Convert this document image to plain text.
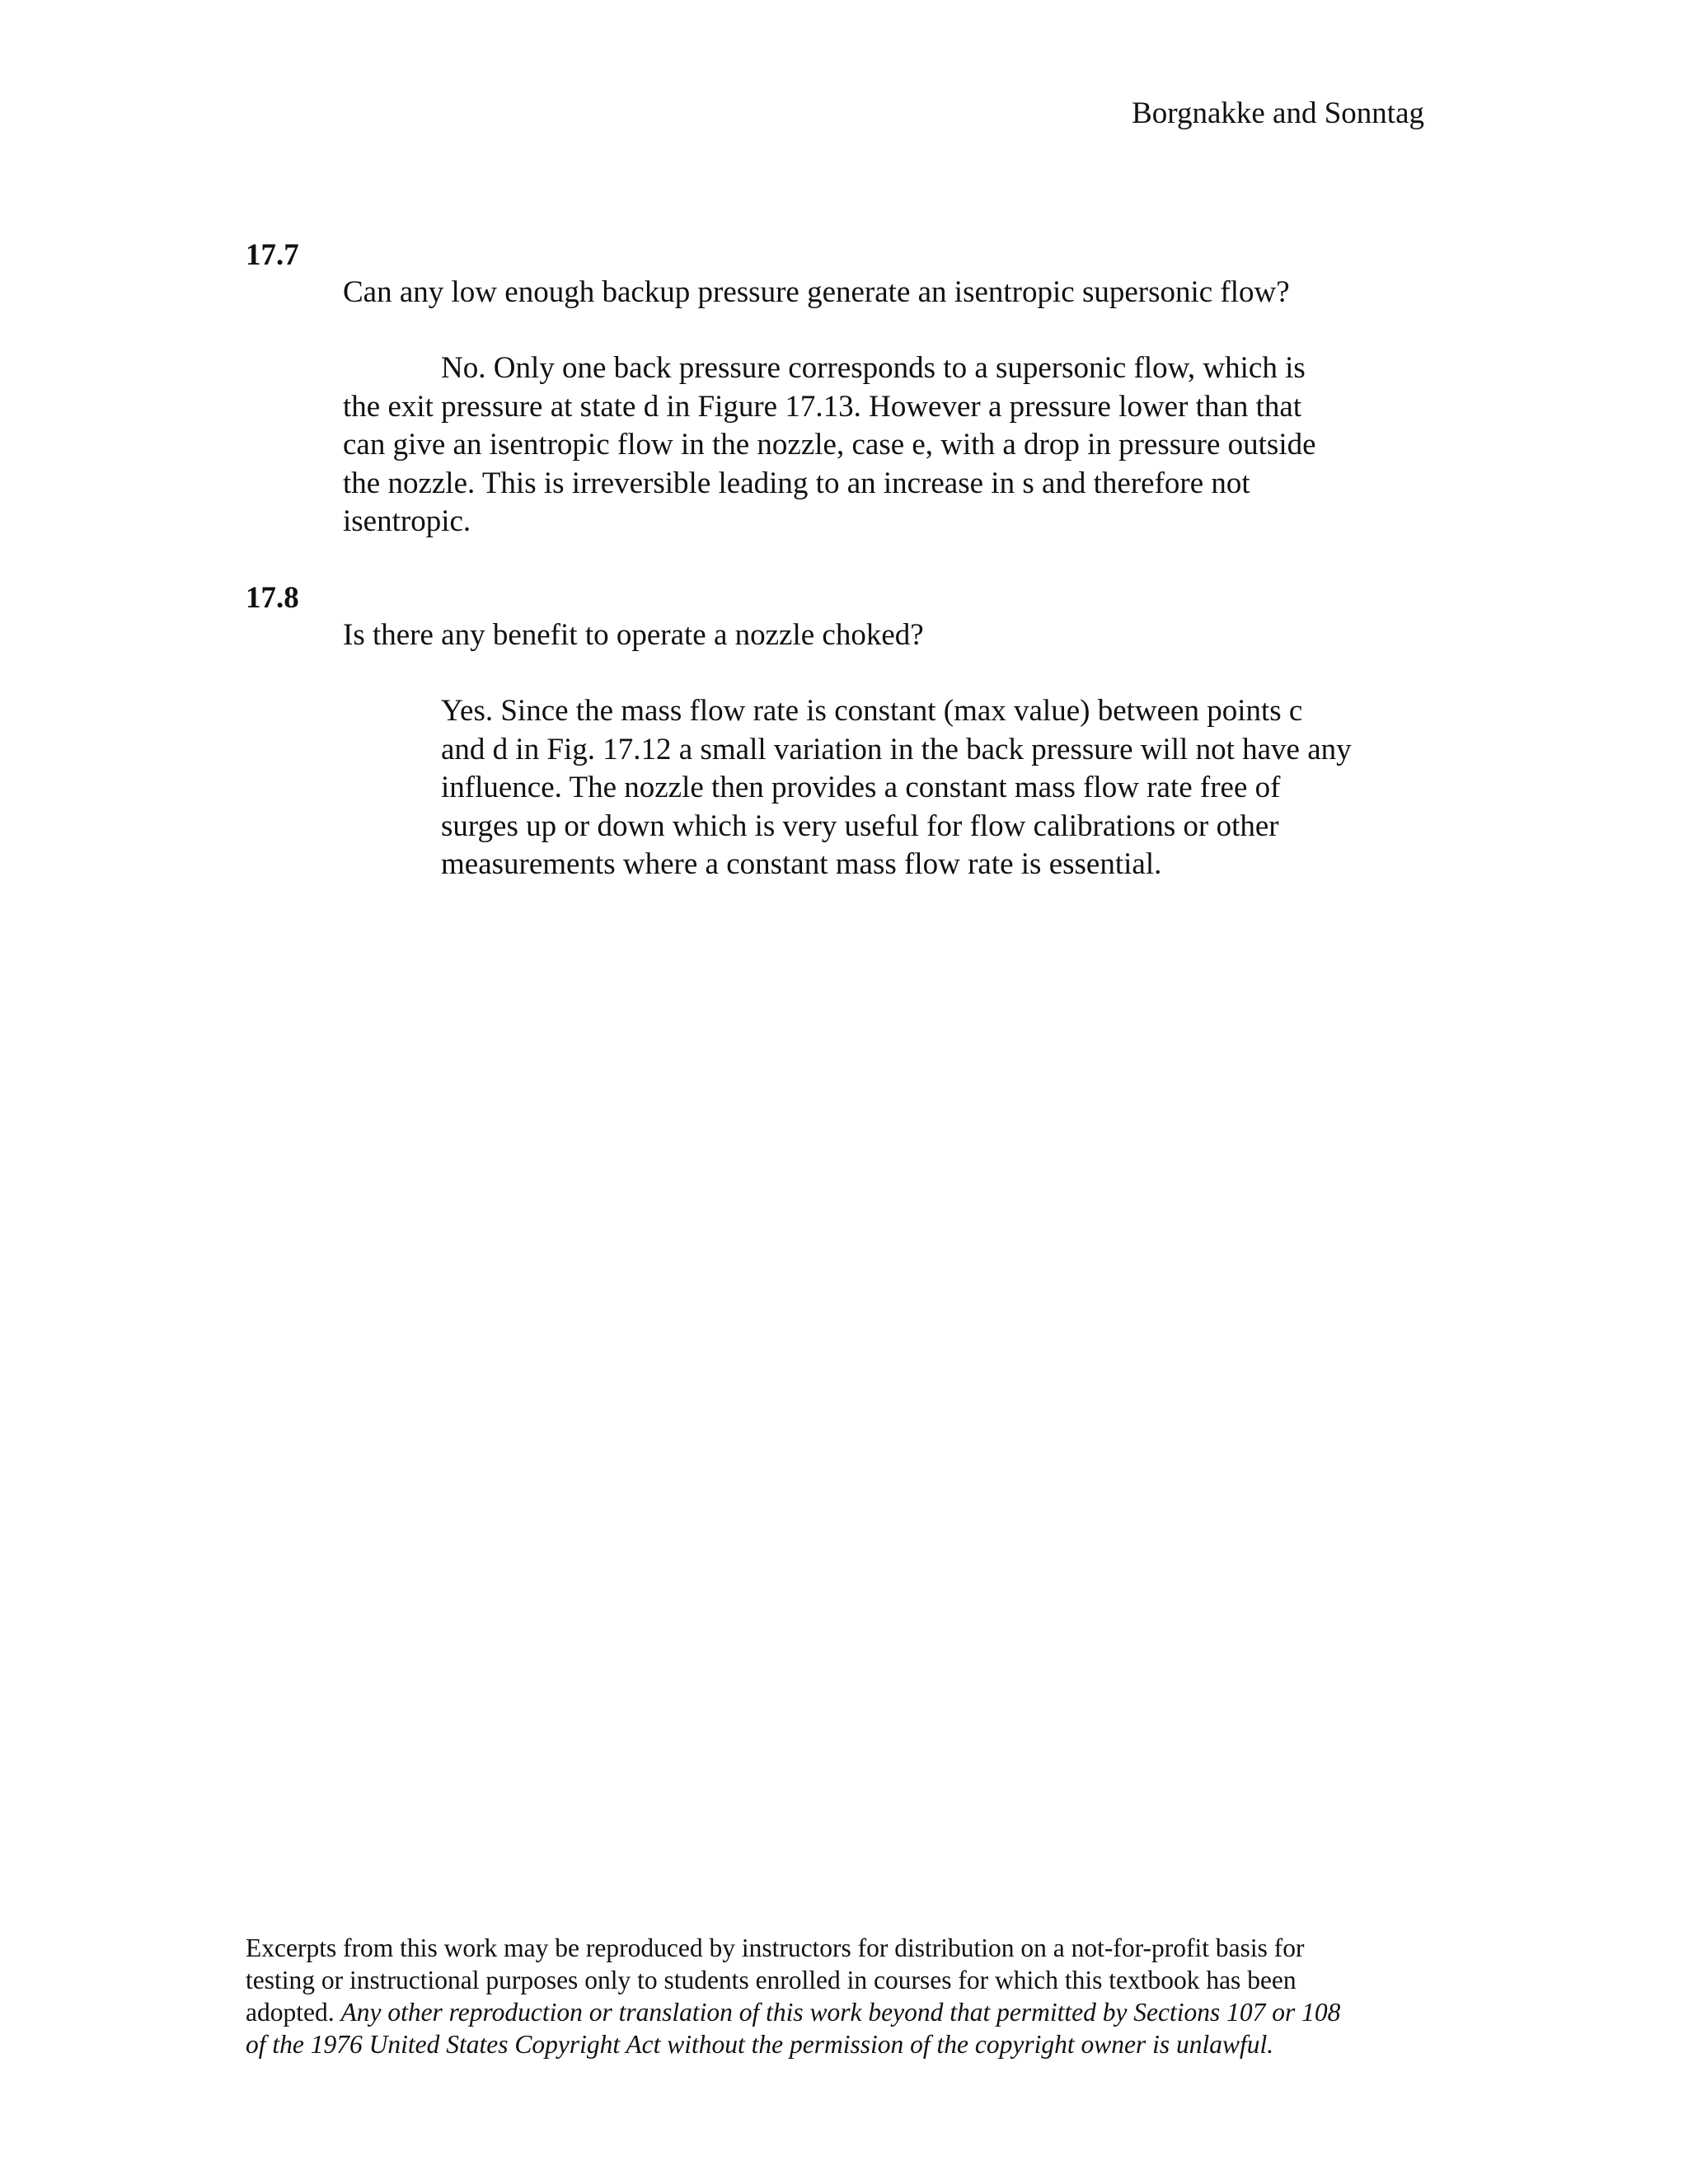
Borgnakke and Sonntag
17.7
Can any low enough backup pressure generate an isentropic supersonic flow?
No. Only one back pressure corresponds to a supersonic flow, which is
the exit pressure at state d in Figure 17.13. However a pressure lower than that
can give an isentropic flow in the nozzle, case e, with a drop in pressure outside
the nozzle. This is irreversible leading to an increase in s and therefore not
isentropic.
17.8
Is there any benefit to operate a nozzle choked?
Yes. Since the mass flow rate is constant (max value) between points c
and d in Fig. 17.12 a small variation in the back pressure will not have any
influence. The nozzle then provides a constant mass flow rate free of
surges up or down which is very useful for flow calibrations or other
measurements where a constant mass flow rate is essential.
Excerpts from this work may be reproduced by instructors for distribution on a not-for-profit basis for
testing or instructional purposes only to students enrolled in courses for which this textbook has been
adopted. Any other reproduction or translation of this work beyond that permitted by Sections 107 or 108
of the 1976 United States Copyright Act without the permission of the copyright owner is unlawful.
